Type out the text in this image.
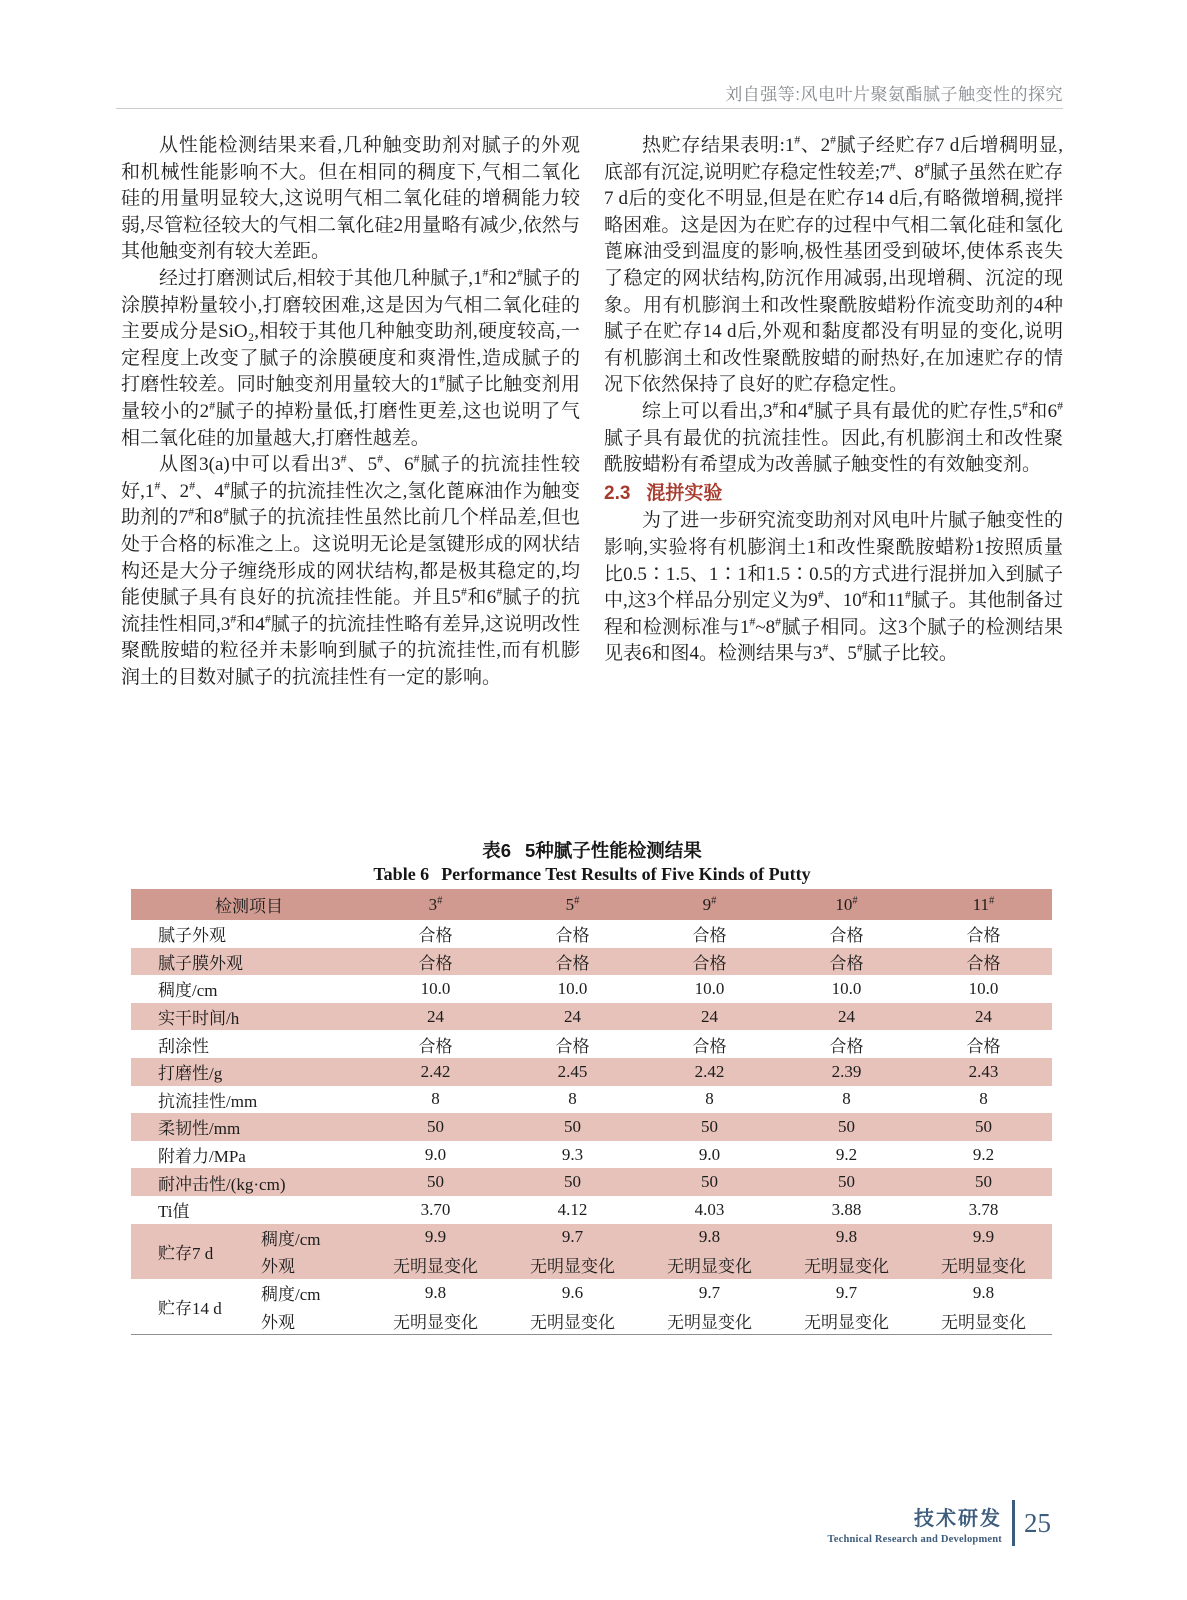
刘自强等:风电叶片聚氨酯腻子触变性的探究

从性能检测结果来看,几种触变助剂对腻子的外观和机械性能影响不大。但在相同的稠度下,气相二氧化硅的用量明显较大,这说明气相二氧化硅的增稠能力较弱,尽管粒径较大的气相二氧化硅2用量略有减少,依然与其他触变剂有较大差距。

经过打磨测试后,相较于其他几种腻子,1#和2#腻子的涂膜掉粉量较小,打磨较困难,这是因为气相二氧化硅的主要成分是SiO₂,相较于其他几种触变助剂,硬度较高,一定程度上改变了腻子的涂膜硬度和爽滑性,造成腻子的打磨性较差。同时触变剂用量较大的1#腻子比触变剂用量较小的2#腻子的掉粉量低,打磨性更差,这也说明了气相二氧化硅的加量越大,打磨性越差。

从图3(a)中可以看出3#、5#、6#腻子的抗流挂性较好,1#、2#、4#腻子的抗流挂性次之,氢化蓖麻油作为触变助剂的7#和8#腻子的抗流挂性虽然比前几个样品差,但也处于合格的标准之上。这说明无论是氢键形成的网状结构还是大分子缠绕形成的网状结构,都是极其稳定的,均能使腻子具有良好的抗流挂性能。并且5#和6#腻子的抗流挂性相同,3#和4#腻子的抗流挂性略有差异,这说明改性聚酰胺蜡的粒径并未影响到腻子的抗流挂性,而有机膨润土的目数对腻子的抗流挂性有一定的影响。

热贮存结果表明:1#、2#腻子经贮存7 d后增稠明显,底部有沉淀,说明贮存稳定性较差;7#、8#腻子虽然在贮存7 d后的变化不明显,但是在贮存14 d后,有略微增稠,搅拌略困难。这是因为在贮存的过程中气相二氧化硅和氢化蓖麻油受到温度的影响,极性基团受到破坏,使体系丧失了稳定的网状结构,防沉作用减弱,出现增稠、沉淀的现象。用有机膨润土和改性聚酰胺蜡粉作流变助剂的4种腻子在贮存14 d后,外观和黏度都没有明显的变化,说明有机膨润土和改性聚酰胺蜡的耐热好,在加速贮存的情况下依然保持了良好的贮存稳定性。

综上可以看出,3#和4#腻子具有最优的贮存性,5#和6#腻子具有最优的抗流挂性。因此,有机膨润土和改性聚酰胺蜡粉有希望成为改善腻子触变性的有效触变剂。

2.3 混拼实验

为了进一步研究流变助剂对风电叶片腻子触变性的影响,实验将有机膨润土1和改性聚酰胺蜡粉1按照质量比0.5∶1.5、1∶1和1.5∶0.5的方式进行混拼加入到腻子中,这3个样品分别定义为9#、10#和11#腻子。其他制备过程和检测标准与1#~8#腻子相同。这3个腻子的检测结果见表6和图4。检测结果与3#、5#腻子比较。

表6 5种腻子性能检测结果
Table 6 Performance Test Results of Five Kinds of Putty
检测项目	3#	5#	9#	10#	11#
腻子外观	合格	合格	合格	合格	合格
腻子膜外观	合格	合格	合格	合格	合格
稠度/cm	10.0	10.0	10.0	10.0	10.0
实干时间/h	24	24	24	24	24
刮涂性	合格	合格	合格	合格	合格
打磨性/g	2.42	2.45	2.42	2.39	2.43
抗流挂性/mm	8	8	8	8	8
柔韧性/mm	50	50	50	50	50
附着力/MPa	9.0	9.3	9.0	9.2	9.2
耐冲击性/(kg·cm)	50	50	50	50	50
Ti值	3.70	4.12	4.03	3.88	3.78
贮存7 d
稠度/cm	9.9	9.7	9.8	9.8	9.9
外观	无明显变化	无明显变化	无明显变化	无明显变化	无明显变化
贮存14 d
稠度/cm	9.8	9.6	9.7	9.7	9.8
外观	无明显变化	无明显变化	无明显变化	无明显变化	无明显变化
技术研发
Technical Research and Development
25
